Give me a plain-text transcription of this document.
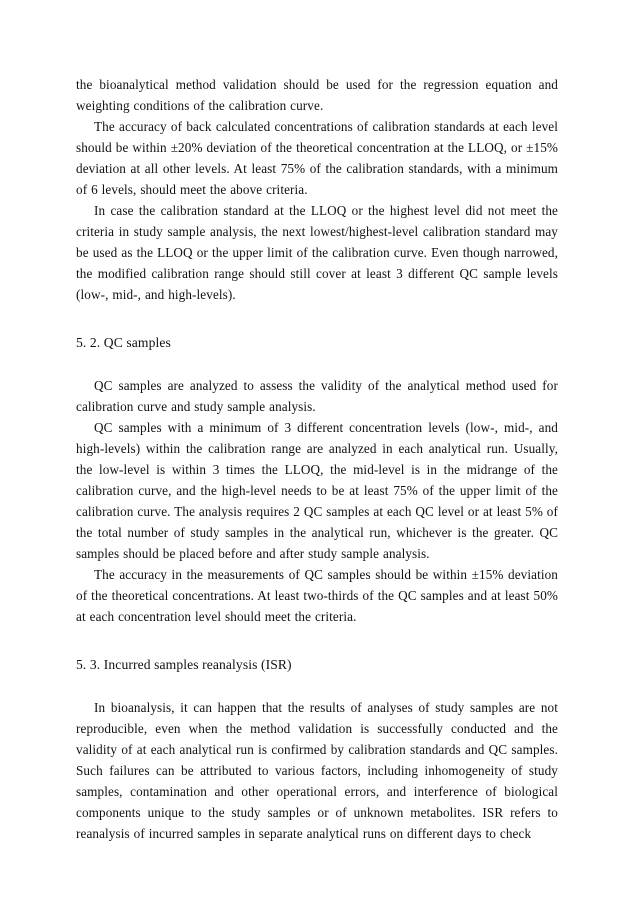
the bioanalytical method validation should be used for the regression equation and weighting conditions of the calibration curve.

The accuracy of back calculated concentrations of calibration standards at each level should be within ±20% deviation of the theoretical concentration at the LLOQ, or ±15% deviation at all other levels. At least 75% of the calibration standards, with a minimum of 6 levels, should meet the above criteria.

In case the calibration standard at the LLOQ or the highest level did not meet the criteria in study sample analysis, the next lowest/highest-level calibration standard may be used as the LLOQ or the upper limit of the calibration curve. Even though narrowed, the modified calibration range should still cover at least 3 different QC sample levels (low-, mid-, and high-levels).

5. 2. QC samples

QC samples are analyzed to assess the validity of the analytical method used for calibration curve and study sample analysis.

QC samples with a minimum of 3 different concentration levels (low-, mid-, and high-levels) within the calibration range are analyzed in each analytical run. Usually, the low-level is within 3 times the LLOQ, the mid-level is in the midrange of the calibration curve, and the high-level needs to be at least 75% of the upper limit of the calibration curve. The analysis requires 2 QC samples at each QC level or at least 5% of the total number of study samples in the analytical run, whichever is the greater. QC samples should be placed before and after study sample analysis.

The accuracy in the measurements of QC samples should be within ±15% deviation of the theoretical concentrations. At least two-thirds of the QC samples and at least 50% at each concentration level should meet the criteria.

5. 3. Incurred samples reanalysis (ISR)

In bioanalysis, it can happen that the results of analyses of study samples are not reproducible, even when the method validation is successfully conducted and the validity of at each analytical run is confirmed by calibration standards and QC samples. Such failures can be attributed to various factors, including inhomogeneity of study samples, contamination and other operational errors, and interference of biological components unique to the study samples or of unknown metabolites. ISR refers to reanalysis of incurred samples in separate analytical runs on different days to check
